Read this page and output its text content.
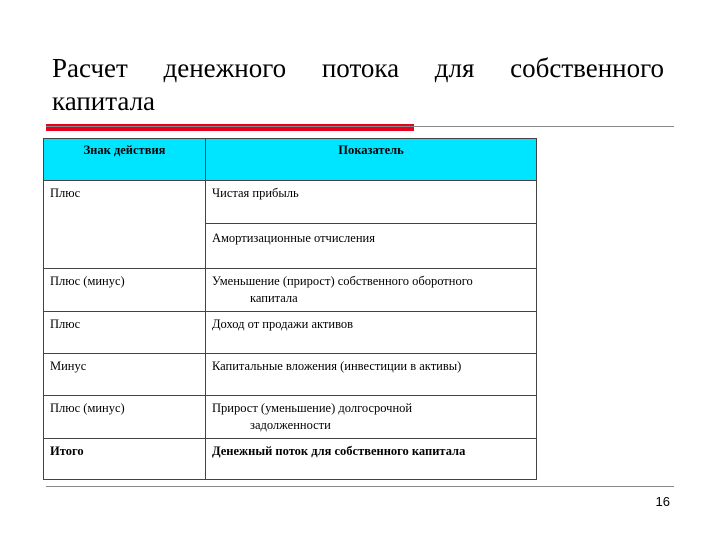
Расчет денежного потока для собственного
капитала
Знак действия	Показатель
Плюс	Чистая прибыль
	Амортизационные отчисления
Плюс (минус)	Уменьшение (прирост) собственного оборотного
капитала

Плюс	Доход от продажи активов
Минус	Капитальные вложения (инвестиции в активы)
Плюс (минус)	Прирост (уменьшение) долгосрочной
задолженности

Итого	Денежный поток для собственного капитала
16
